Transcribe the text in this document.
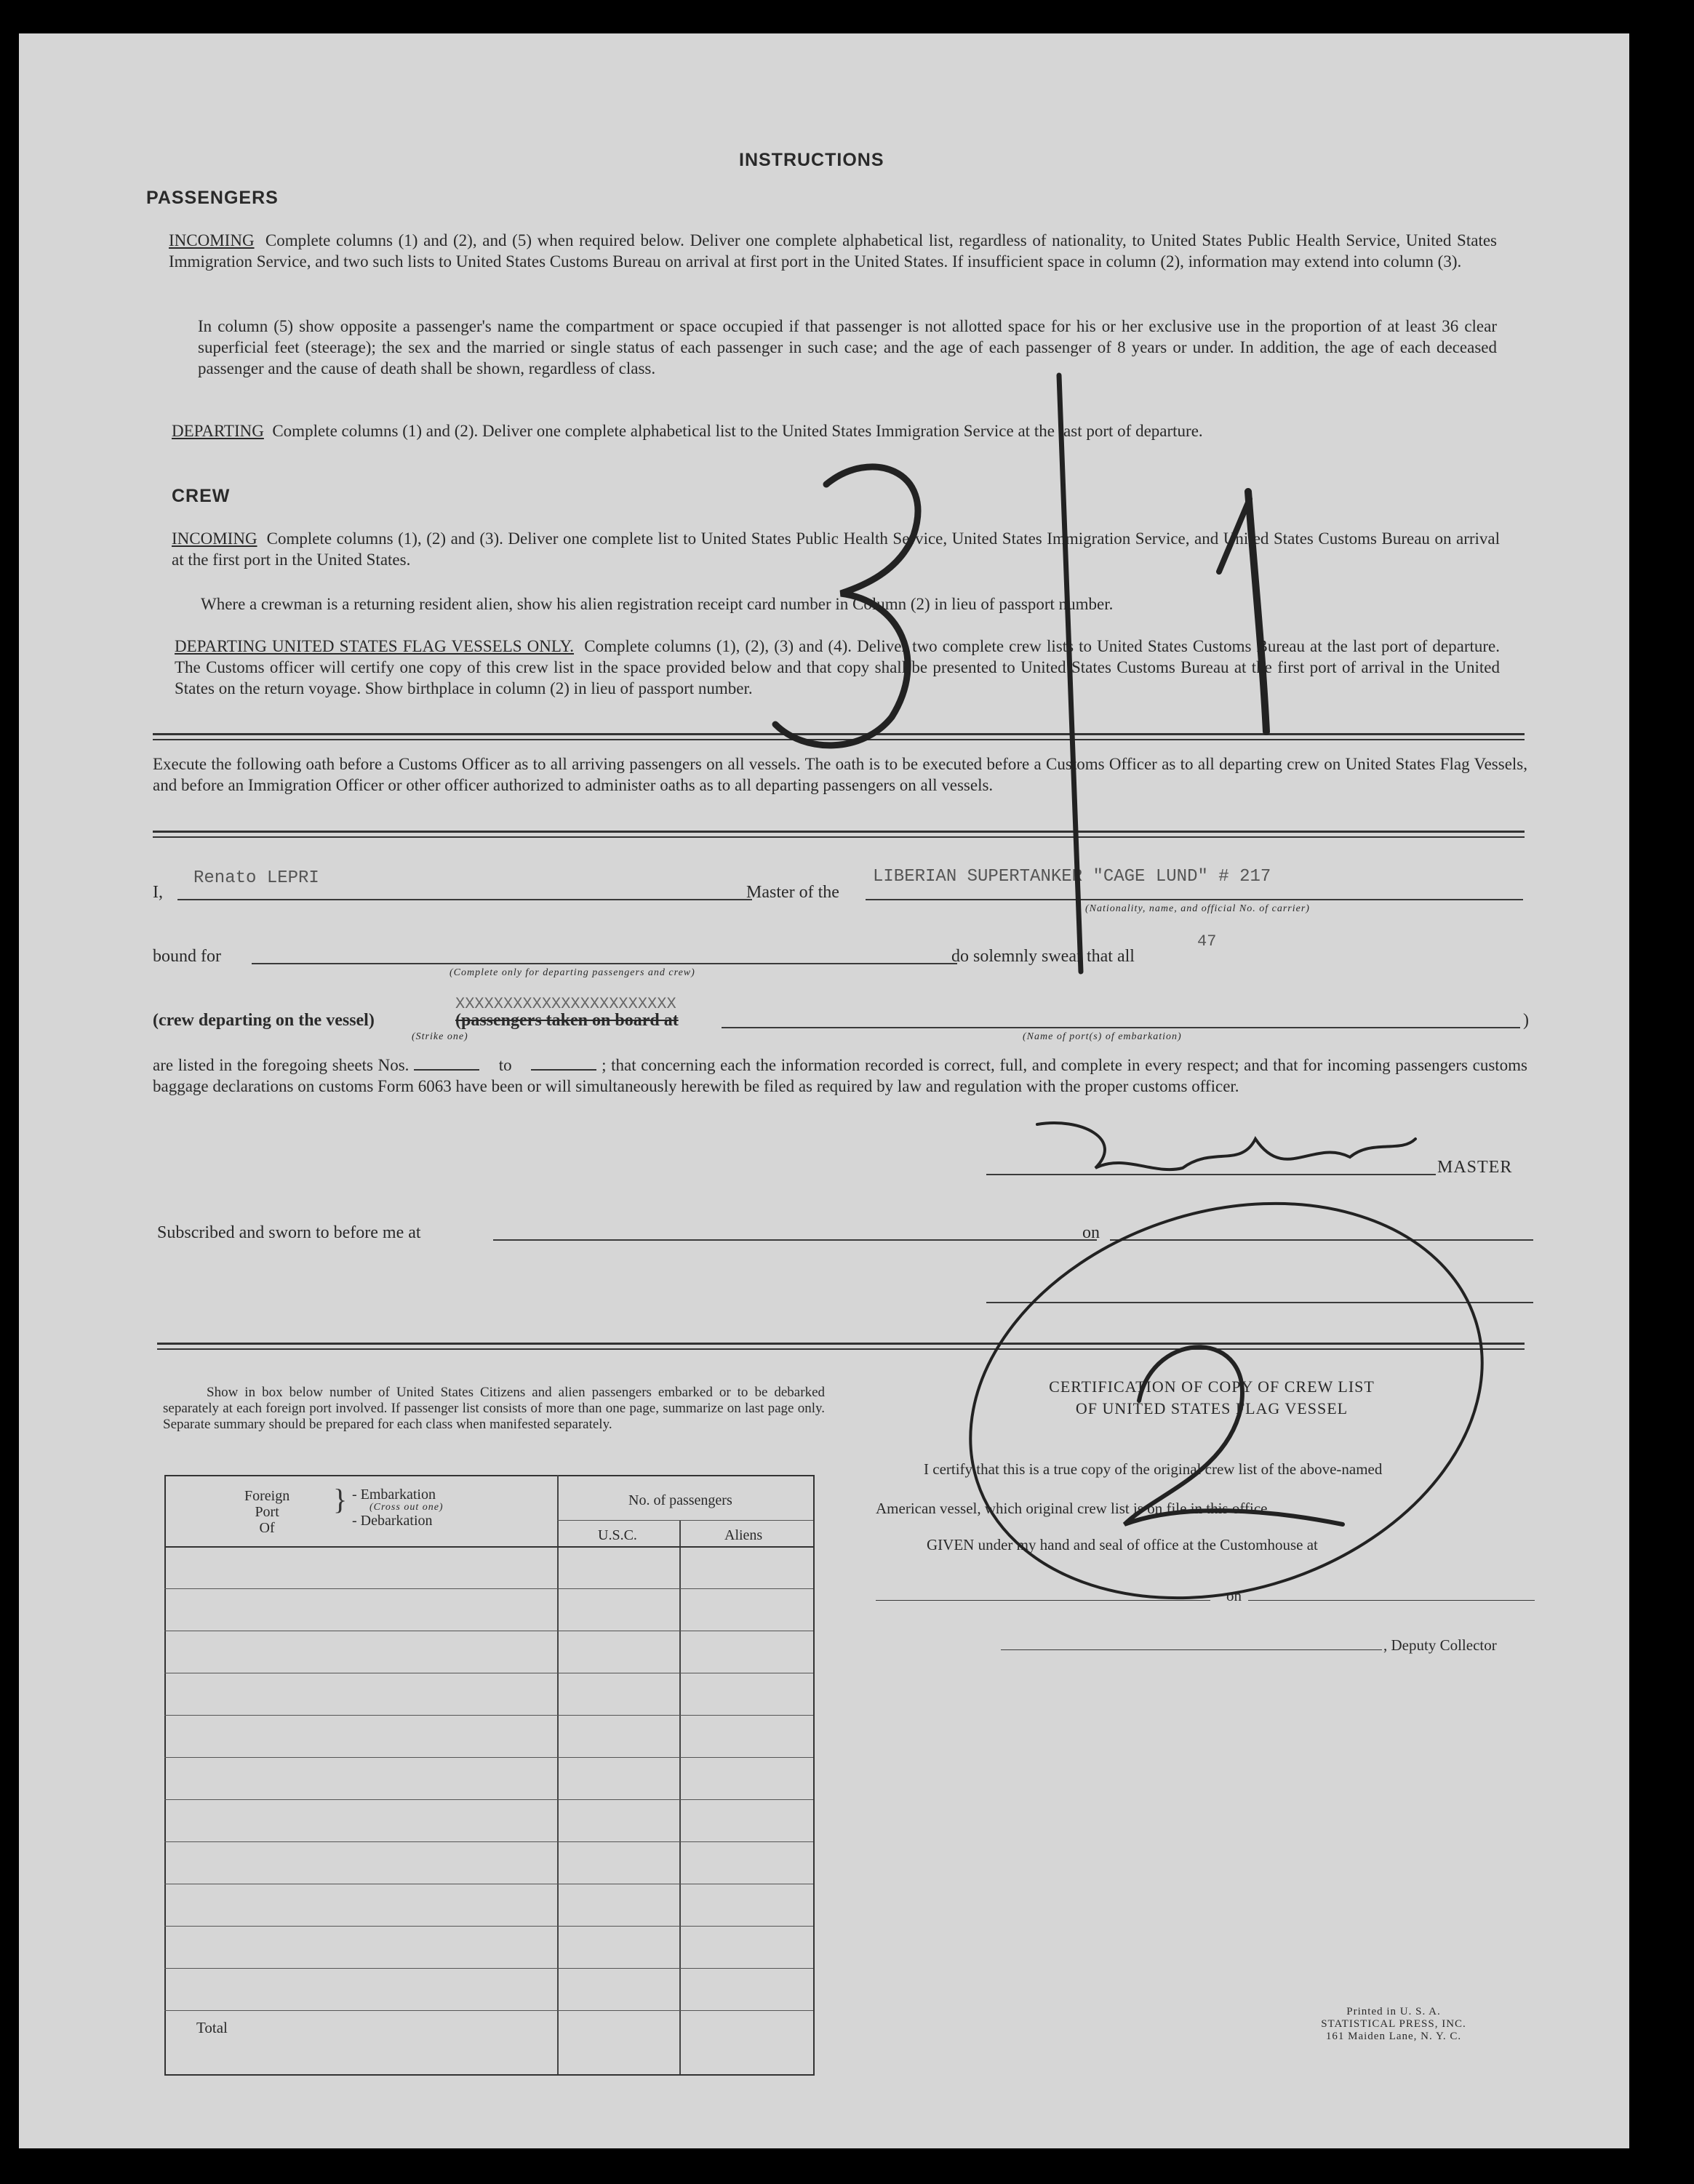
INSTRUCTIONS
PASSENGERS
INCOMING Complete columns (1) and (2), and (5) when required below. Deliver one complete alphabetical list, regardless of nationality, to United States Public Health Service, United States Immigration Service, and two such lists to United States Customs Bureau on arrival at first port in the United States. If insufficient space in column (2), information may extend into column (3).
In column (5) show opposite a passenger's name the compartment or space occupied if that passenger is not allotted space for his or her exclusive use in the proportion of at least 36 clear superficial feet (steerage); the sex and the married or single status of each passenger in such case; and the age of each passenger of 8 years or under. In addition, the age of each deceased passenger and the cause of death shall be shown, regardless of class.
DEPARTING Complete columns (1) and (2). Deliver one complete alphabetical list to the United States Immigration Service at the last port of departure.
CREW
INCOMING Complete columns (1), (2) and (3). Deliver one complete list to United States Public Health Service, United States Immigration Service, and United States Customs Bureau on arrival at the first port in the United States.
Where a crewman is a returning resident alien, show his alien registration receipt card number in Column (2) in lieu of passport number.
DEPARTING UNITED STATES FLAG VESSELS ONLY. Complete columns (1), (2), (3) and (4). Deliver two complete crew lists to United States Customs Bureau at the last port of departure. The Customs officer will certify one copy of this crew list in the space provided below and that copy shall be presented to United States Customs Bureau at the first port of arrival in the United States on the return voyage. Show birthplace in column (2) in lieu of passport number.
Execute the following oath before a Customs Officer as to all arriving passengers on all vessels. The oath is to be executed before a Customs Officer as to all departing crew on United States Flag Vessels, and before an Immigration Officer or other officer authorized to administer oaths as to all departing passengers on all vessels.
I,
Renato LEPRI
Master of the
LIBERIAN SUPERTANKER "CAGE LUND" # 217
(Nationality, name, and official No. of carrier)
bound for
(Complete only for departing passengers and crew)
do solemnly swear that all
47
(crew departing on the vessel)	(passengers taken on board at
XXXXXXXXXXXXXXXXXXXXXXX
(Strike one)	(Name of port(s) of embarkation)
)
are listed in the foregoing sheets Nos.	to	; that concerning each the information recorded is correct, full, and complete in every respect; and that for incoming passengers customs baggage declarations on customs Form 6063 have been or will simultaneously herewith be filed as required by law and regulation with the proper customs officer.
MASTER
Subscribed and sworn to before me at	on
Show in box below number of United States Citizens and alien passengers embarked or to be debarked separately at each foreign port involved. If passenger list consists of more than one page, summarize on last page only. Separate summary should be prepared for each class when manifested separately.
Foreign
Port
Of
} - Embarkation
(Cross out one)
- Debarkation
No. of passengers
U.S.C.	Aliens
Total
CERTIFICATION OF COPY OF CREW LIST
OF UNITED STATES FLAG VESSEL
I certify that this is a true copy of the original crew list of the above-named
American vessel, which original crew list is on file in this office.
GIVEN under my hand and seal of office at the Customhouse at
on
, Deputy Collector
Printed in U. S. A.
STATISTICAL PRESS, INC.
161 Maiden Lane, N. Y. C.
